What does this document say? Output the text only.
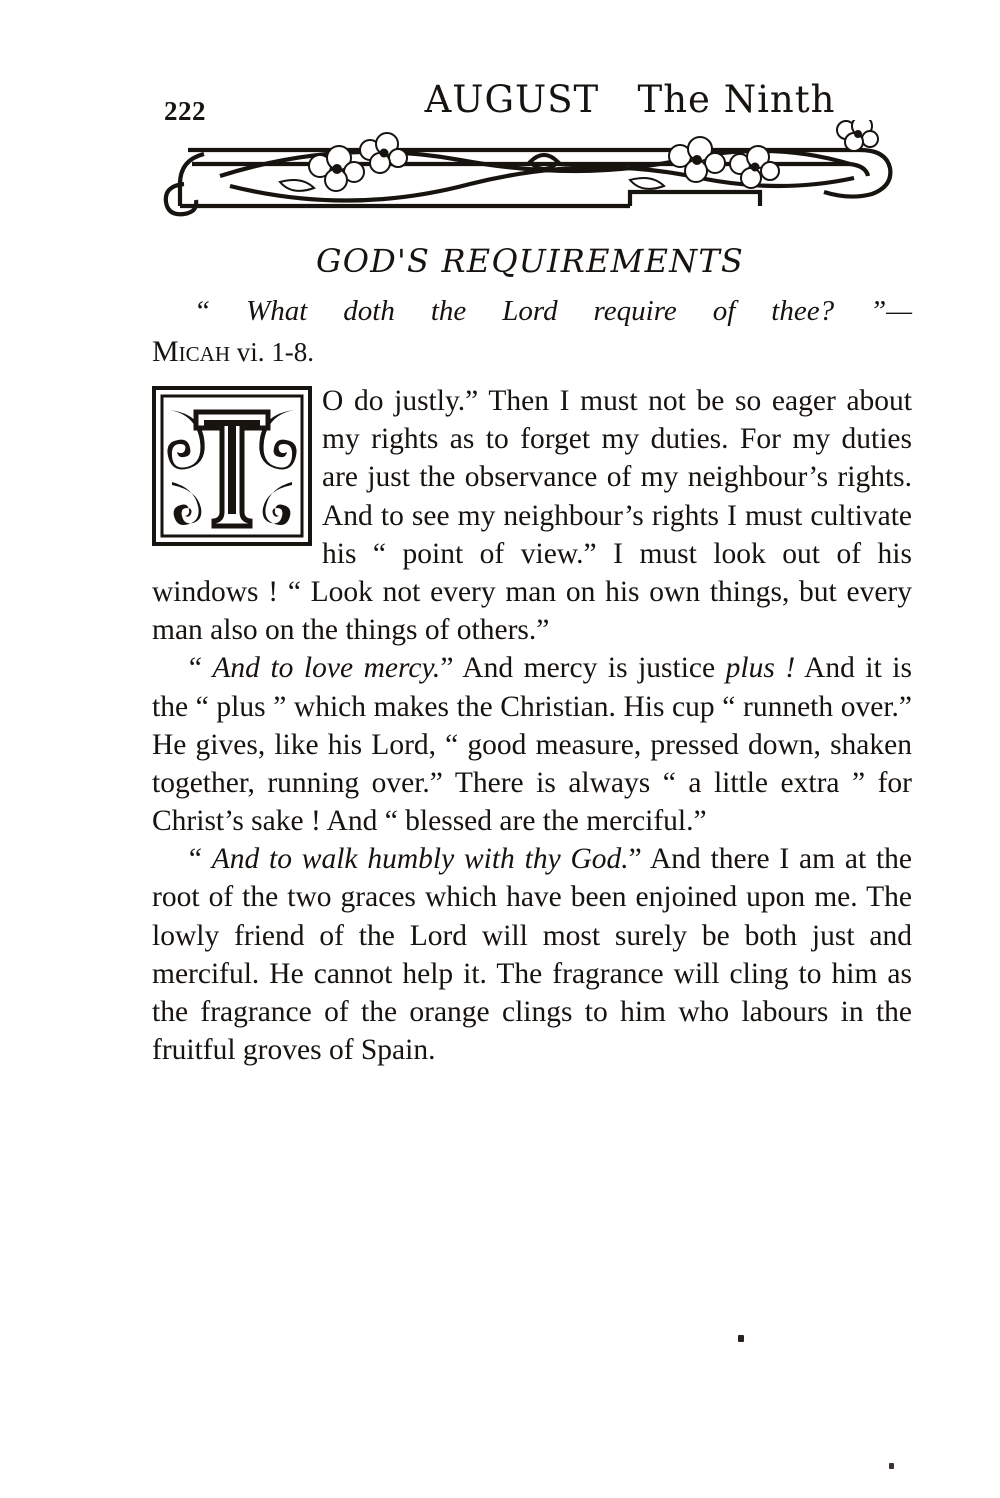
222	AUGUST The Ninth
GOD'S REQUIREMENTS
“ What doth the Lord require of thee? ”—
Micah vi. 1-8.

O do justly.” Then I must not be so eager about my rights as to forget my duties. For my duties are just the observance of my neighbour’s rights. And to see my neighbour’s rights I must cultivate his “ point of view.” I must look out of his windows ! “ Look not every man on his own things, but every man also on the things of others.”

“ And to love mercy.” And mercy is justice plus ! And it is the “ plus ” which makes the Christian. His cup “ runneth over.” He gives, like his Lord, “ good measure, pressed down, shaken together, running over.” There is always “ a little extra ” for Christ’s sake ! And “ blessed are the merciful.”

“ And to walk humbly with thy God.” And there I am at the root of the two graces which have been enjoined upon me. The lowly friend of the Lord will most surely be both just and merciful. He cannot help it. The fragrance will cling to him as the fragrance of the orange clings to him who labours in the fruitful groves of Spain.
